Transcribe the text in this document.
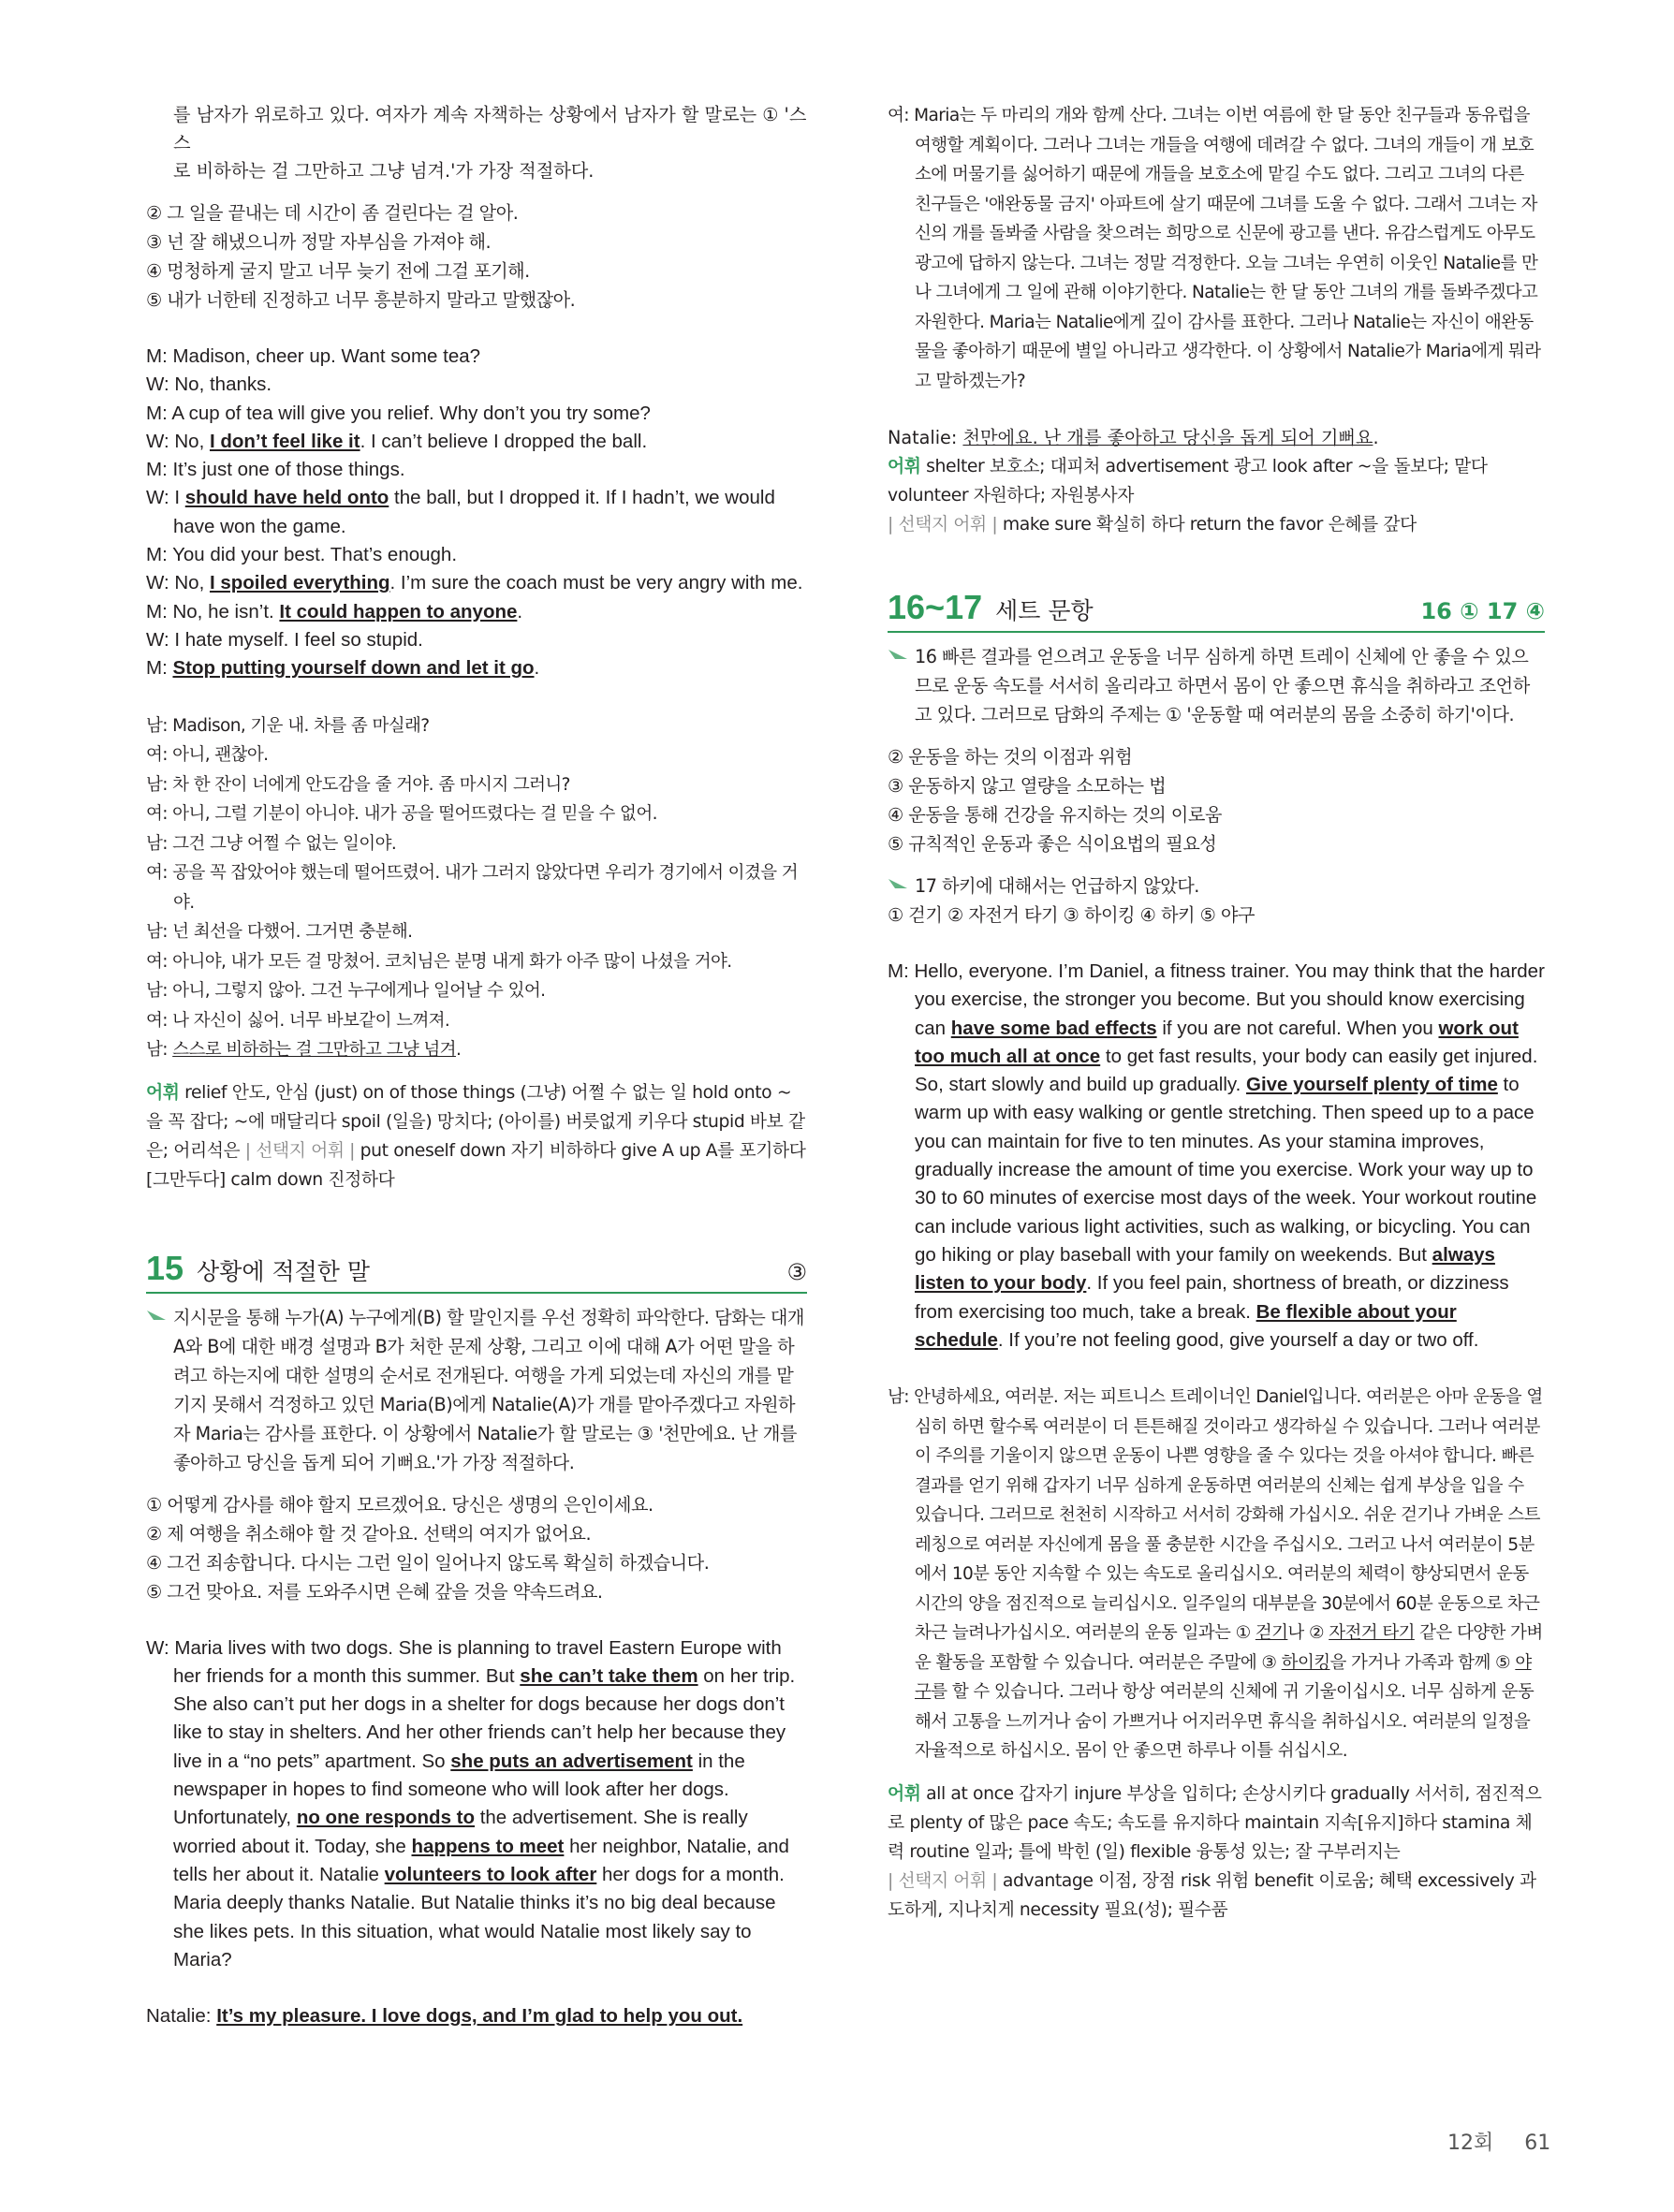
를 남자가 위로하고 있다. 여자가 계속 자책하는 상황에서 남자가 할 말로는 ① '스스

로 비하하는 걸 그만하고 그냥 넘겨.'가 가장 적절하다.

② 그 일을 끝내는 데 시간이 좀 걸린다는 걸 알아.

③ 넌 잘 해냈으니까 정말 자부심을 가져야 해.

④ 멍청하게 굴지 말고 너무 늦기 전에 그걸 포기해.

⑤ 내가 너한테 진정하고 너무 흥분하지 말라고 말했잖아.

M: Madison, cheer up. Want some tea?

W: No, thanks.

M: A cup of tea will give you relief. Why don’t you try some?

W: No, I don’t feel like it. I can’t believe I dropped the ball.

M: It’s just one of those things.

W: I should have held onto the ball, but I dropped it. If I hadn’t, we would have won the game.

M: You did your best. That’s enough.

W: No, I spoiled everything. I’m sure the coach must be very angry with me.

M: No, he isn’t. It could happen to anyone.

W: I hate myself. I feel so stupid.

M: Stop putting yourself down and let it go.

남: Madison, 기운 내. 차를 좀 마실래?

여: 아니, 괜찮아.

남: 차 한 잔이 너에게 안도감을 줄 거야. 좀 마시지 그러니?

여: 아니, 그럴 기분이 아니야. 내가 공을 떨어뜨렸다는 걸 믿을 수 없어.

남: 그건 그냥 어쩔 수 없는 일이야.

여: 공을 꼭 잡았어야 했는데 떨어뜨렸어. 내가 그러지 않았다면 우리가 경기에서 이겼을 거야.

남: 넌 최선을 다했어. 그거면 충분해.

여: 아니야, 내가 모든 걸 망쳤어. 코치님은 분명 내게 화가 아주 많이 나셨을 거야.

남: 아니, 그렇지 않아. 그건 누구에게나 일어날 수 있어.

여: 나 자신이 싫어. 너무 바보같이 느껴져.

남: 스스로 비하하는 걸 그만하고 그냥 넘겨.

어휘 relief 안도, 안심 (just) on of those things (그냥) 어쩔 수 없는 일 hold onto ~을 꼭 잡다; ~에 매달리다 spoil (일을) 망치다; (아이를) 버릇없게 키우다 stupid 바보 같은; 어리석은 | 선택지 어휘 | put oneself down 자기 비하하다 give A up A를 포기하다[그만두다] calm down 진정하다

15 상황에 적절한 말	③

지시문을 통해 누가(A) 누구에게(B) 할 말인지를 우선 정확히 파악한다. 담화는 대개 A와 B에 대한 배경 설명과 B가 처한 문제 상황, 그리고 이에 대해 A가 어떤 말을 하려고 하는지에 대한 설명의 순서로 전개된다. 여행을 가게 되었는데 자신의 개를 맡기지 못해서 걱정하고 있던 Maria(B)에게 Natalie(A)가 개를 맡아주겠다고 자원하자 Maria는 감사를 표한다. 이 상황에서 Natalie가 할 말로는 ③ '천만에요. 난 개를 좋아하고 당신을 돕게 되어 기뻐요.'가 가장 적절하다.

① 어떻게 감사를 해야 할지 모르겠어요. 당신은 생명의 은인이세요.

② 제 여행을 취소해야 할 것 같아요. 선택의 여지가 없어요.

④ 그건 죄송합니다. 다시는 그런 일이 일어나지 않도록 확실히 하겠습니다.

⑤ 그건 맞아요. 저를 도와주시면 은혜 갚을 것을 약속드려요.

W: Maria lives with two dogs. She is planning to travel Eastern Europe with her friends for a month this summer. But she can’t take them on her trip. She also can’t put her dogs in a shelter for dogs because her dogs don’t like to stay in shelters. And her other friends can’t help her because they live in a “no pets” apartment. So she puts an advertisement in the newspaper in hopes to find someone who will look after her dogs. Unfortunately, no one responds to the advertisement. She is really worried about it. Today, she happens to meet her neighbor, Natalie, and tells her about it. Natalie volunteers to look after her dogs for a month. Maria deeply thanks Natalie. But Natalie thinks it’s no big deal because she likes pets. In this situation, what would Natalie most likely say to Maria?

Natalie: It’s my pleasure. I love dogs, and I’m glad to help you out.

여: Maria는 두 마리의 개와 함께 산다. 그녀는 이번 여름에 한 달 동안 친구들과 동유럽을 여행할 계획이다. 그러나 그녀는 개들을 여행에 데려갈 수 없다. 그녀의 개들이 개 보호소에 머물기를 싫어하기 때문에 개들을 보호소에 맡길 수도 없다. 그리고 그녀의 다른 친구들은 '애완동물 금지' 아파트에 살기 때문에 그녀를 도울 수 없다. 그래서 그녀는 자신의 개를 돌봐줄 사람을 찾으려는 희망으로 신문에 광고를 낸다. 유감스럽게도 아무도 광고에 답하지 않는다. 그녀는 정말 걱정한다. 오늘 그녀는 우연히 이웃인 Natalie를 만나 그녀에게 그 일에 관해 이야기한다. Natalie는 한 달 동안 그녀의 개를 돌봐주겠다고 자원한다. Maria는 Natalie에게 깊이 감사를 표한다. 그러나 Natalie는 자신이 애완동물을 좋아하기 때문에 별일 아니라고 생각한다. 이 상황에서 Natalie가 Maria에게 뭐라고 말하겠는가?

Natalie: 천만에요. 난 개를 좋아하고 당신을 돕게 되어 기뻐요.

어휘 shelter 보호소; 대피처 advertisement 광고 look after ~을 돌보다; 맡다 volunteer 자원하다; 자원봉사자
| 선택지 어휘 | make sure 확실히 하다 return the favor 은혜를 갚다

16~17 세트 문항	16 ① 17 ④

16 빠른 결과를 얻으려고 운동을 너무 심하게 하면 트레이 신체에 안 좋을 수 있으므로 운동 속도를 서서히 올리라고 하면서 몸이 안 좋으면 휴식을 취하라고 조언하고 있다. 그러므로 담화의 주제는 ① '운동할 때 여러분의 몸을 소중히 하기'이다.

② 운동을 하는 것의 이점과 위험

③ 운동하지 않고 열량을 소모하는 법

④ 운동을 통해 건강을 유지하는 것의 이로움

⑤ 규칙적인 운동과 좋은 식이요법의 필요성

17 하키에 대해서는 언급하지 않았다.

① 걷기 ② 자전거 타기 ③ 하이킹 ④ 하키 ⑤ 야구

M: Hello, everyone. I’m Daniel, a fitness trainer. You may think that the harder you exercise, the stronger you become. But you should know exercising can have some bad effects if you are not careful. When you work out too much all at once to get fast results, your body can easily get injured. So, start slowly and build up gradually. Give yourself plenty of time to warm up with easy walking or gentle stretching. Then speed up to a pace you can maintain for five to ten minutes. As your stamina improves, gradually increase the amount of time you exercise. Work your way up to 30 to 60 minutes of exercise most days of the week. Your workout routine can include various light activities, such as walking, or bicycling. You can go hiking or play baseball with your family on weekends. But always listen to your body. If you feel pain, shortness of breath, or dizziness from exercising too much, take a break. Be flexible about your schedule. If you’re not feeling good, give yourself a day or two off.

남: 안녕하세요, 여러분. 저는 피트니스 트레이너인 Daniel입니다. 여러분은 아마 운동을 열심히 하면 할수록 여러분이 더 튼튼해질 것이라고 생각하실 수 있습니다. 그러나 여러분이 주의를 기울이지 않으면 운동이 나쁜 영향을 줄 수 있다는 것을 아셔야 합니다. 빠른 결과를 얻기 위해 갑자기 너무 심하게 운동하면 여러분의 신체는 쉽게 부상을 입을 수 있습니다. 그러므로 천천히 시작하고 서서히 강화해 가십시오. 쉬운 걷기나 가벼운 스트레칭으로 여러분 자신에게 몸을 풀 충분한 시간을 주십시오. 그러고 나서 여러분이 5분에서 10분 동안 지속할 수 있는 속도로 올리십시오. 여러분의 체력이 향상되면서 운동 시간의 양을 점진적으로 늘리십시오. 일주일의 대부분을 30분에서 60분 운동으로 차근차근 늘려나가십시오. 여러분의 운동 일과는 ① 걷기나 ② 자전거 타기 같은 다양한 가벼운 활동을 포함할 수 있습니다. 여러분은 주말에 ③ 하이킹을 가거나 가족과 함께 ⑤ 야구를 할 수 있습니다. 그러나 항상 여러분의 신체에 귀 기울이십시오. 너무 심하게 운동해서 고통을 느끼거나 숨이 가쁘거나 어지러우면 휴식을 취하십시오. 여러분의 일정을 자율적으로 하십시오. 몸이 안 좋으면 하루나 이틀 쉬십시오.

어휘 all at once 갑자기 injure 부상을 입히다; 손상시키다 gradually 서서히, 점진적으로 plenty of 많은 pace 속도; 속도를 유지하다 maintain 지속[유지]하다 stamina 체력 routine 일과; 틀에 박힌 (일) flexible 융통성 있는; 잘 구부러지는
| 선택지 어휘 | advantage 이점, 장점 risk 위험 benefit 이로움; 혜택 excessively 과도하게, 지나치게 necessity 필요(성); 필수품

12회 61
